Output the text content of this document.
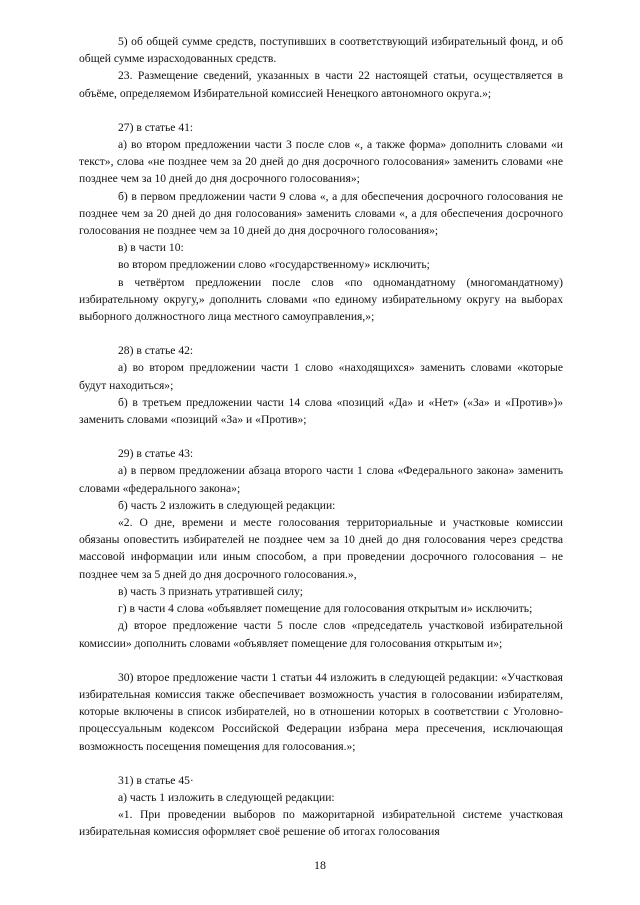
5) об общей сумме средств, поступивших в соответствующий избирательный фонд, и об общей сумме израсходованных средств.

23. Размещение сведений, указанных в части 22 настоящей статьи, осуществляется в объёме, определяемом Избирательной комиссией Ненецкого автономного округа.»;

27) в статье 41:

а) во втором предложении части 3 после слов «, а также форма» дополнить словами «и текст», слова «не позднее чем за 20 дней до дня досрочного голосования» заменить словами «не позднее чем за 10 дней до дня досрочного голосования»;

б) в первом предложении части 9 слова «, а для обеспечения досрочного голосования не позднее чем за 20 дней до дня голосования» заменить словами «, а для обеспечения досрочного голосования не позднее чем за 10 дней до дня досрочного голосования»;

в) в части 10:

во втором предложении слово «государственному» исключить;

в четвёртом предложении после слов «по одномандатному (многомандатному) избирательному округу,» дополнить словами «по единому избирательному округу на выборах выборного должностного лица местного самоуправления,»;

28) в статье 42:

а) во втором предложении части 1 слово «находящихся» заменить словами «которые будут находиться»;

б) в третьем предложении части 14 слова «позиций «Да» и «Нет» («За» и «Против»)» заменить словами «позиций «За» и «Против»;

29) в статье 43:

а) в первом предложении абзаца второго части 1 слова «Федерального закона» заменить словами «федерального закона»;

б) часть 2 изложить в следующей редакции:

«2. О дне, времени и месте голосования территориальные и участковые комиссии обязаны оповестить избирателей не позднее чем за 10 дней до дня голосования через средства массовой информации или иным способом, а при проведении досрочного голосования – не позднее чем за 5 дней до дня досрочного голосования.»,

в) часть 3 признать утратившей силу;

г) в части 4 слова «объявляет помещение для голосования открытым и» исключить;

д) второе предложение части 5 после слов «председатель участковой избирательной комиссии» дополнить словами «объявляет помещение для голосования открытым и»;

30) второе предложение части 1 статьи 44 изложить в следующей редакции: «Участковая избирательная комиссия также обеспечивает возможность участия в голосовании избирателям, которые включены в список избирателей, но в отношении которых в соответствии с Уголовно-процессуальным кодексом Российской Федерации избрана мера пресечения, исключающая возможность посещения помещения для голосования.»;

31) в статье 45·

а) часть 1 изложить в следующей редакции:

«1. При проведении выборов по мажоритарной избирательной системе участковая избирательная комиссия оформляет своё решение об итогах голосования

18
